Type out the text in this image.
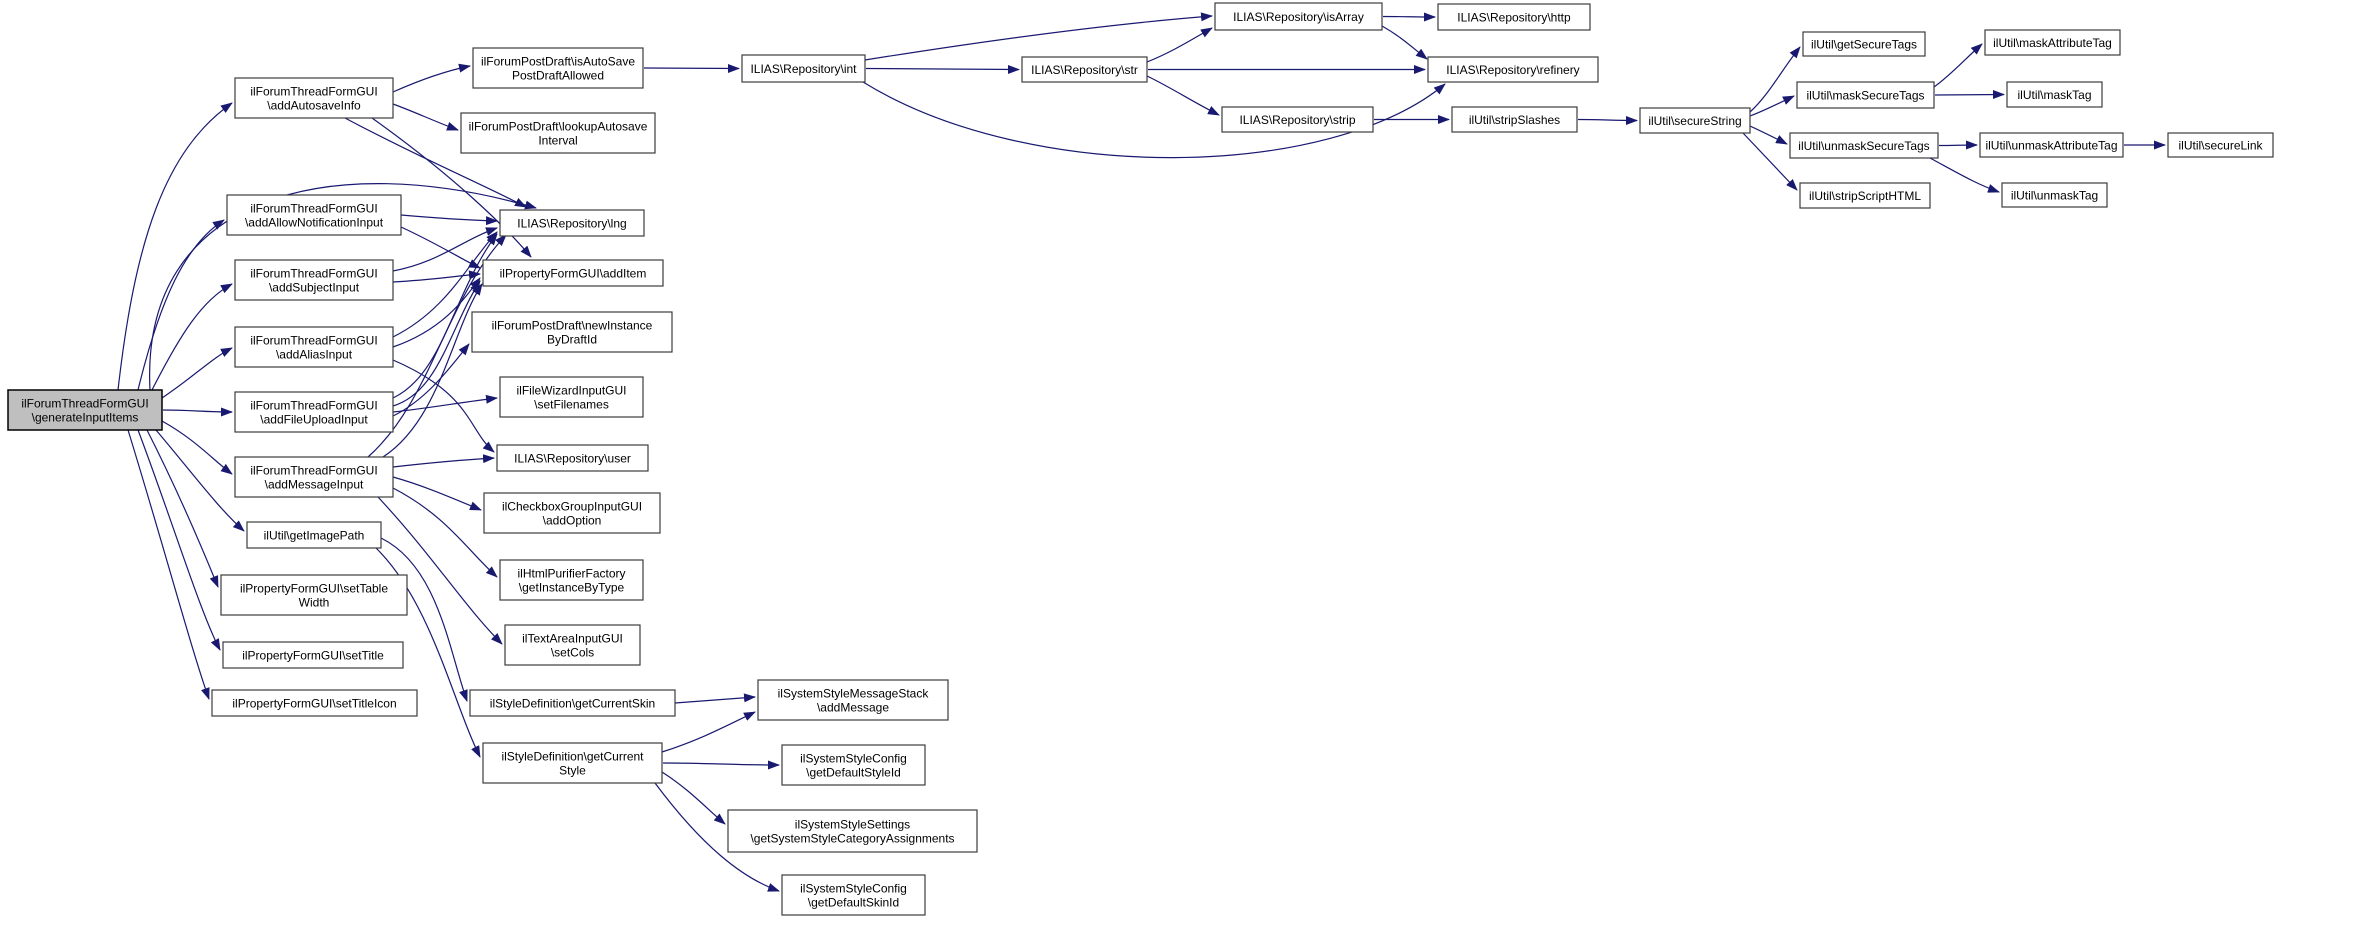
ilForumThreadFormGUI
\generateInputItems
ilForumThreadFormGUI
\addAutosaveInfo
ilForumThreadFormGUI
\addAllowNotificationInput
ilForumThreadFormGUI
\addSubjectInput
ilForumThreadFormGUI
\addAliasInput
ilForumThreadFormGUI
\addFileUploadInput
ilForumThreadFormGUI
\addMessageInput
ilUtil\getImagePath
ilPropertyFormGUI\setTable
Width
ilPropertyFormGUI\setTitle
ilPropertyFormGUI\setTitleIcon
ilForumPostDraft\isAutoSave
PostDraftAllowed
ilForumPostDraft\lookupAutosave
Interval
ILIAS\Repository\lng
ilPropertyFormGUI\addItem
ilForumPostDraft\newInstance
ByDraftId
ilFileWizardInputGUI
\setFilenames
ILIAS\Repository\user
ilCheckboxGroupInputGUI
\addOption
ilHtmlPurifierFactory
\getInstanceByType
ilTextAreaInputGUI
\setCols
ilStyleDefinition\getCurrentSkin
ilStyleDefinition\getCurrent
Style
ilSystemStyleMessageStack
\addMessage
ilSystemStyleConfig
\getDefaultStyleId
ilSystemStyleSettings
\getSystemStyleCategoryAssignments
ilSystemStyleConfig
\getDefaultSkinId
ILIAS\Repository\int	ILIAS\Repository\str
ILIAS\Repository\isArray	ILIAS\Repository\http
ILIAS\Repository\refinery
ILIAS\Repository\strip	ilUtil\stripSlashes	ilUtil\secureString
ilUtil\getSecureTags
ilUtil\maskSecureTags
ilUtil\unmaskSecureTags
ilUtil\stripScriptHTML
ilUtil\maskAttributeTag
ilUtil\maskTag
ilUtil\unmaskAttributeTag
ilUtil\unmaskTag
ilUtil\secureLink
